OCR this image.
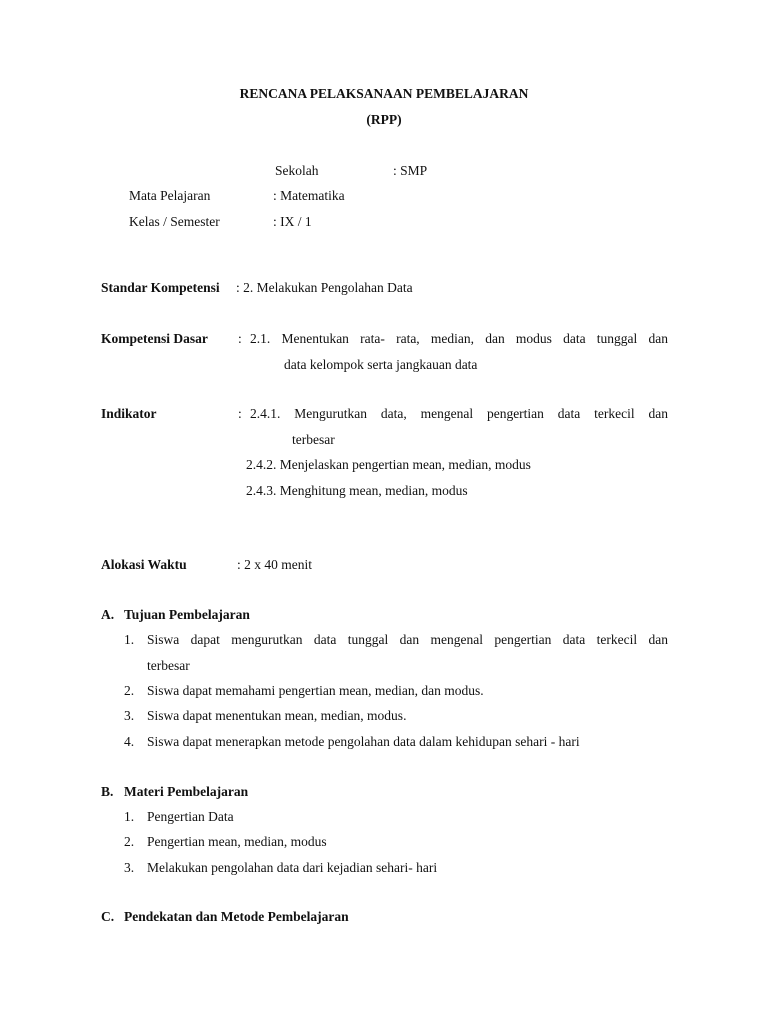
RENCANA PELAKSANAAN PEMBELAJARAN
(RPP)
Sekolah	: SMP
Mata Pelajaran	: Matematika
Kelas / Semester	: IX / 1
Standar Kompetensi : 2. Melakukan Pengolahan Data
Kompetensi Dasar : 2.1. Menentukan rata- rata, median, dan modus data tunggal dan
data kelompok serta jangkauan data
Indikator	: 2.4.1. Mengurutkan data, mengenal pengertian data terkecil dan
terbesar
2.4.2. Menjelaskan pengertian mean, median, modus
2.4.3. Menghitung mean, median, modus
Alokasi Waktu	: 2 x 40 menit
A. Tujuan Pembelajaran
1. Siswa dapat mengurutkan data tunggal dan mengenal pengertian data terkecil dan
terbesar
2. Siswa dapat memahami pengertian mean, median, dan modus.
3. Siswa dapat menentukan mean, median, modus.
4. Siswa dapat menerapkan metode pengolahan data dalam kehidupan sehari - hari
B. Materi Pembelajaran
1. Pengertian Data
2. Pengertian mean, median, modus
3. Melakukan pengolahan data dari kejadian sehari- hari
C. Pendekatan dan Metode Pembelajaran
